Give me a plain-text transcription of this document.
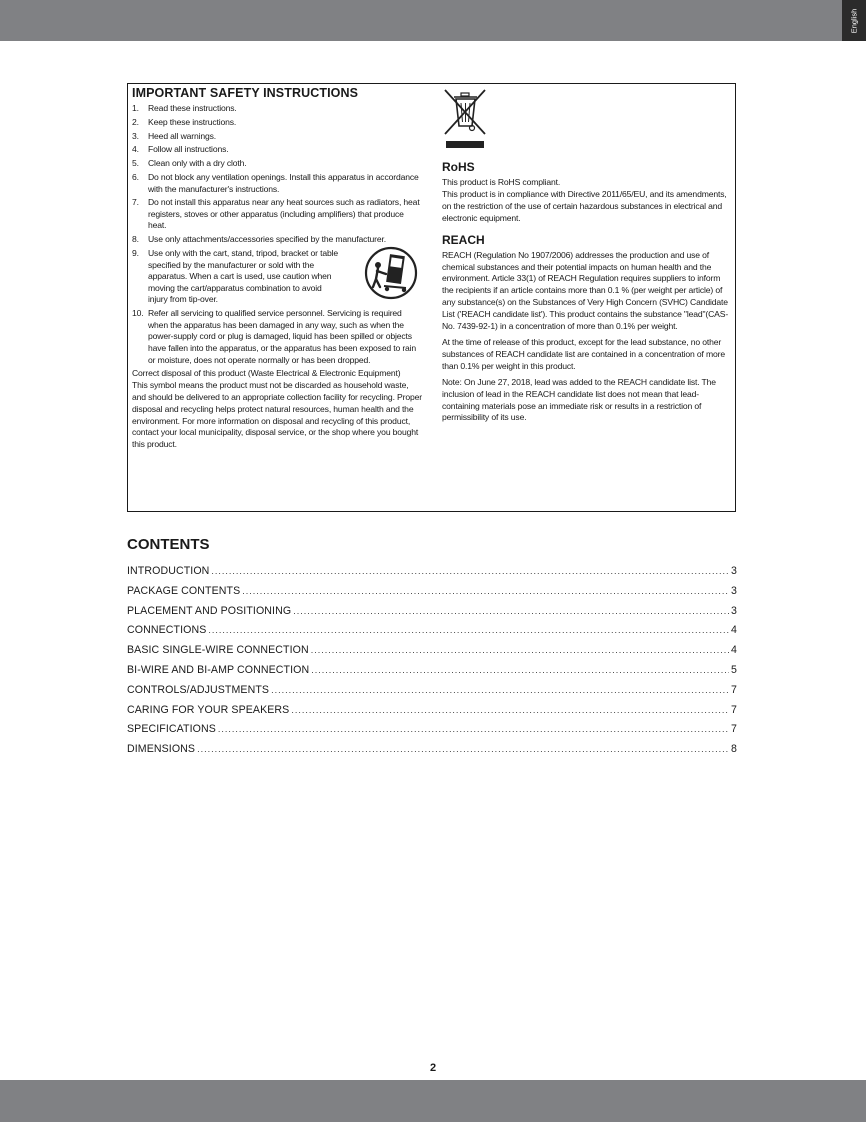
English
IMPORTANT SAFETY INSTRUCTIONS
1.	Read these instructions.
2.	Keep these instructions.
3.	Heed all warnings.
4.	Follow all instructions.
5.	Clean only with a dry cloth.
6.	Do not block any ventilation openings. Install this apparatus in accordance with the manufacturer's instructions.
7.	Do not install this apparatus near any heat sources such as radiators, heat registers, stoves or other apparatus (including amplifiers) that produce heat.
8.	Use only attachments/accessories specified by the manufacturer.
9.	Use only with the cart, stand, tripod, bracket or table specified by the manufacturer or sold with the apparatus. When a cart is used, use caution when moving the cart/apparatus combination to avoid injury from tip-over.
10. Refer all servicing to qualified service personnel. Servicing is required when the apparatus has been damaged in any way, such as when the power-supply cord or plug is damaged, liquid has been spilled or objects have fallen into the apparatus, or the apparatus has been exposed to rain or moisture, does not operate normally or has been dropped.

Correct disposal of this product (Waste Electrical & Electronic Equipment)

This symbol means the product must not be discarded as household waste, and should be delivered to an appropriate collection facility for recycling. Proper disposal and recycling helps protect natural resources, human health and the environment. For more information on disposal and recycling of this product, contact your local municipality, disposal service, or the shop where you bought this product.

RoHS

This product is RoHS compliant.

This product is in compliance with Directive 2011/65/EU, and its amendments, on the restriction of the use of certain hazardous substances in electrical and electronic equipment.

REACH

REACH (Regulation No 1907/2006) addresses the production and use of chemical substances and their potential impacts on human health and the environment. Article 33(1) of REACH Regulation requires suppliers to inform the recipients if an article contains more than 0.1 % (per weight per article) of any substance(s) on the Substances of Very High Concern (SVHC) Candidate List ('REACH candidate list'). This product contains the substance "lead"(CAS-No. 7439-92-1) in a concentration of more than 0.1% per weight.

At the time of release of this product, except for the lead substance, no other substances of REACH candidate list are contained in a concentration of more than 0.1% per weight in this product.

Note: On June 27, 2018, lead was added to the REACH candidate list. The inclusion of lead in the REACH candidate list does not mean that lead-containing materials pose an immediate risk or results in a restriction of permissibility of its use.

CONTENTS
INTRODUCTION .....	3
PACKAGE CONTENTS .....	3
PLACEMENT AND POSITIONING .....	3
CONNECTIONS .....	4
BASIC SINGLE-WIRE CONNECTION .....	4
BI-WIRE AND BI-AMP CONNECTION .....	5
CONTROLS/ADJUSTMENTS .....	7
CARING FOR YOUR SPEAKERS .....	7
SPECIFICATIONS .....	7
DIMENSIONS .....	8
2
